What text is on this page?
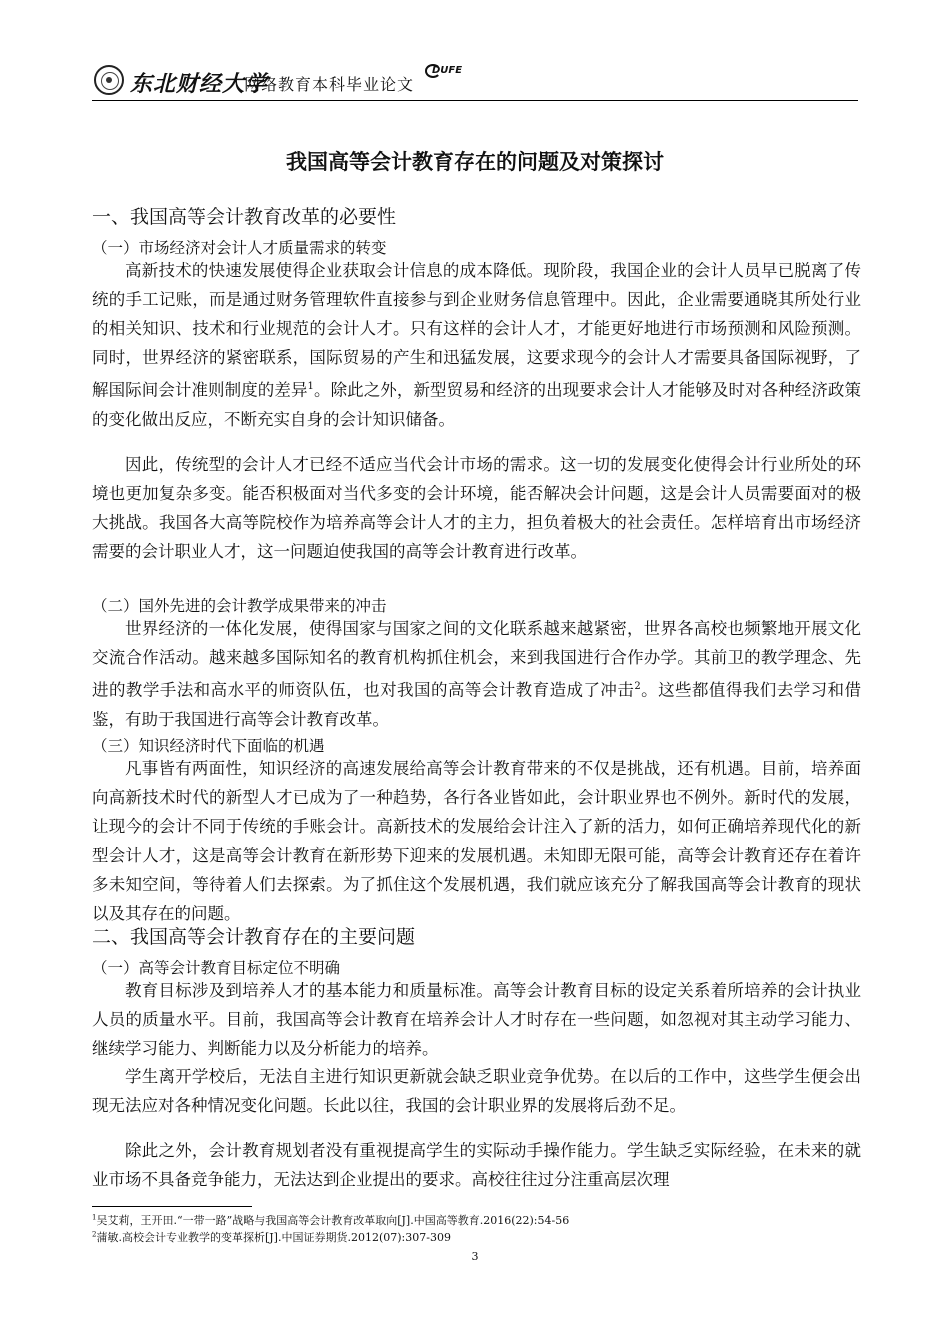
东北财经大学
网络教育本科毕业论文
DUFE
我国高等会计教育存在的问题及对策探讨
一、我国高等会计教育改革的必要性
（一）市场经济对会计人才质量需求的转变
高新技术的快速发展使得企业获取会计信息的成本降低。现阶段，我国企业的会计人员早已脱离了传统的手工记账，而是通过财务管理软件直接参与到企业财务信息管理中。因此，企业需要通晓其所处行业的相关知识、技术和行业规范的会计人才。只有这样的会计人才，才能更好地进行市场预测和风险预测。同时，世界经济的紧密联系，国际贸易的产生和迅猛发展，这要求现今的会计人才需要具备国际视野，了解国际间会计准则制度的差异$^1$。除此之外，新型贸易和经济的出现要求会计人才能够及时对各种经济政策的变化做出反应，不断充实自身的会计知识储备。
因此，传统型的会计人才已经不适应当代会计市场的需求。这一切的发展变化使得会计行业所处的环境也更加复杂多变。能否积极面对当代多变的会计环境，能否解决会计问题，这是会计人员需要面对的极大挑战。我国各大高等院校作为培养高等会计人才的主力，担负着极大的社会责任。怎样培育出市场经济需要的会计职业人才，这一问题迫使我国的高等会计教育进行改革。
（二）国外先进的会计教学成果带来的冲击
世界经济的一体化发展，使得国家与国家之间的文化联系越来越紧密，世界各高校也频繁地开展文化交流合作活动。越来越多国际知名的教育机构抓住机会，来到我国进行合作办学。其前卫的教学理念、先进的教学手法和高水平的师资队伍，也对我国的高等会计教育造成了冲击$^2$。这些都值得我们去学习和借鉴，有助于我国进行高等会计教育改革。
（三）知识经济时代下面临的机遇
凡事皆有两面性，知识经济的高速发展给高等会计教育带来的不仅是挑战，还有机遇。目前，培养面向高新技术时代的新型人才已成为了一种趋势，各行各业皆如此，会计职业界也不例外。新时代的发展，让现今的会计不同于传统的手账会计。高新技术的发展给会计注入了新的活力，如何正确培养现代化的新型会计人才，这是高等会计教育在新形势下迎来的发展机遇。未知即无限可能，高等会计教育还存在着许多未知空间，等待着人们去探索。为了抓住这个发展机遇，我们就应该充分了解我国高等会计教育的现状以及其存在的问题。
二、我国高等会计教育存在的主要问题
（一）高等会计教育目标定位不明确
教育目标涉及到培养人才的基本能力和质量标准。高等会计教育目标的设定关系着所培养的会计执业人员的质量水平。目前，我国高等会计教育在培养会计人才时存在一些问题，如忽视对其主动学习能力、继续学习能力、判断能力以及分析能力的培养。
学生离开学校后，无法自主进行知识更新就会缺乏职业竞争优势。在以后的工作中，这些学生便会出现无法应对各种情况变化问题。长此以往，我国的会计职业界的发展将后劲不足。
除此之外，会计教育规划者没有重视提高学生的实际动手操作能力。学生缺乏实际经验，在未来的就业市场不具备竞争能力，无法达到企业提出的要求。高校往往过分注重高层次理
$^1$吴艾莉，王开田.“一带一路”战略与我国高等会计教育改革取向[J].中国高等教育.2016(22):54-56
$^2$蒲敏.高校会计专业教学的变革探析[J].中国证券期货.2012(07):307-309
3
